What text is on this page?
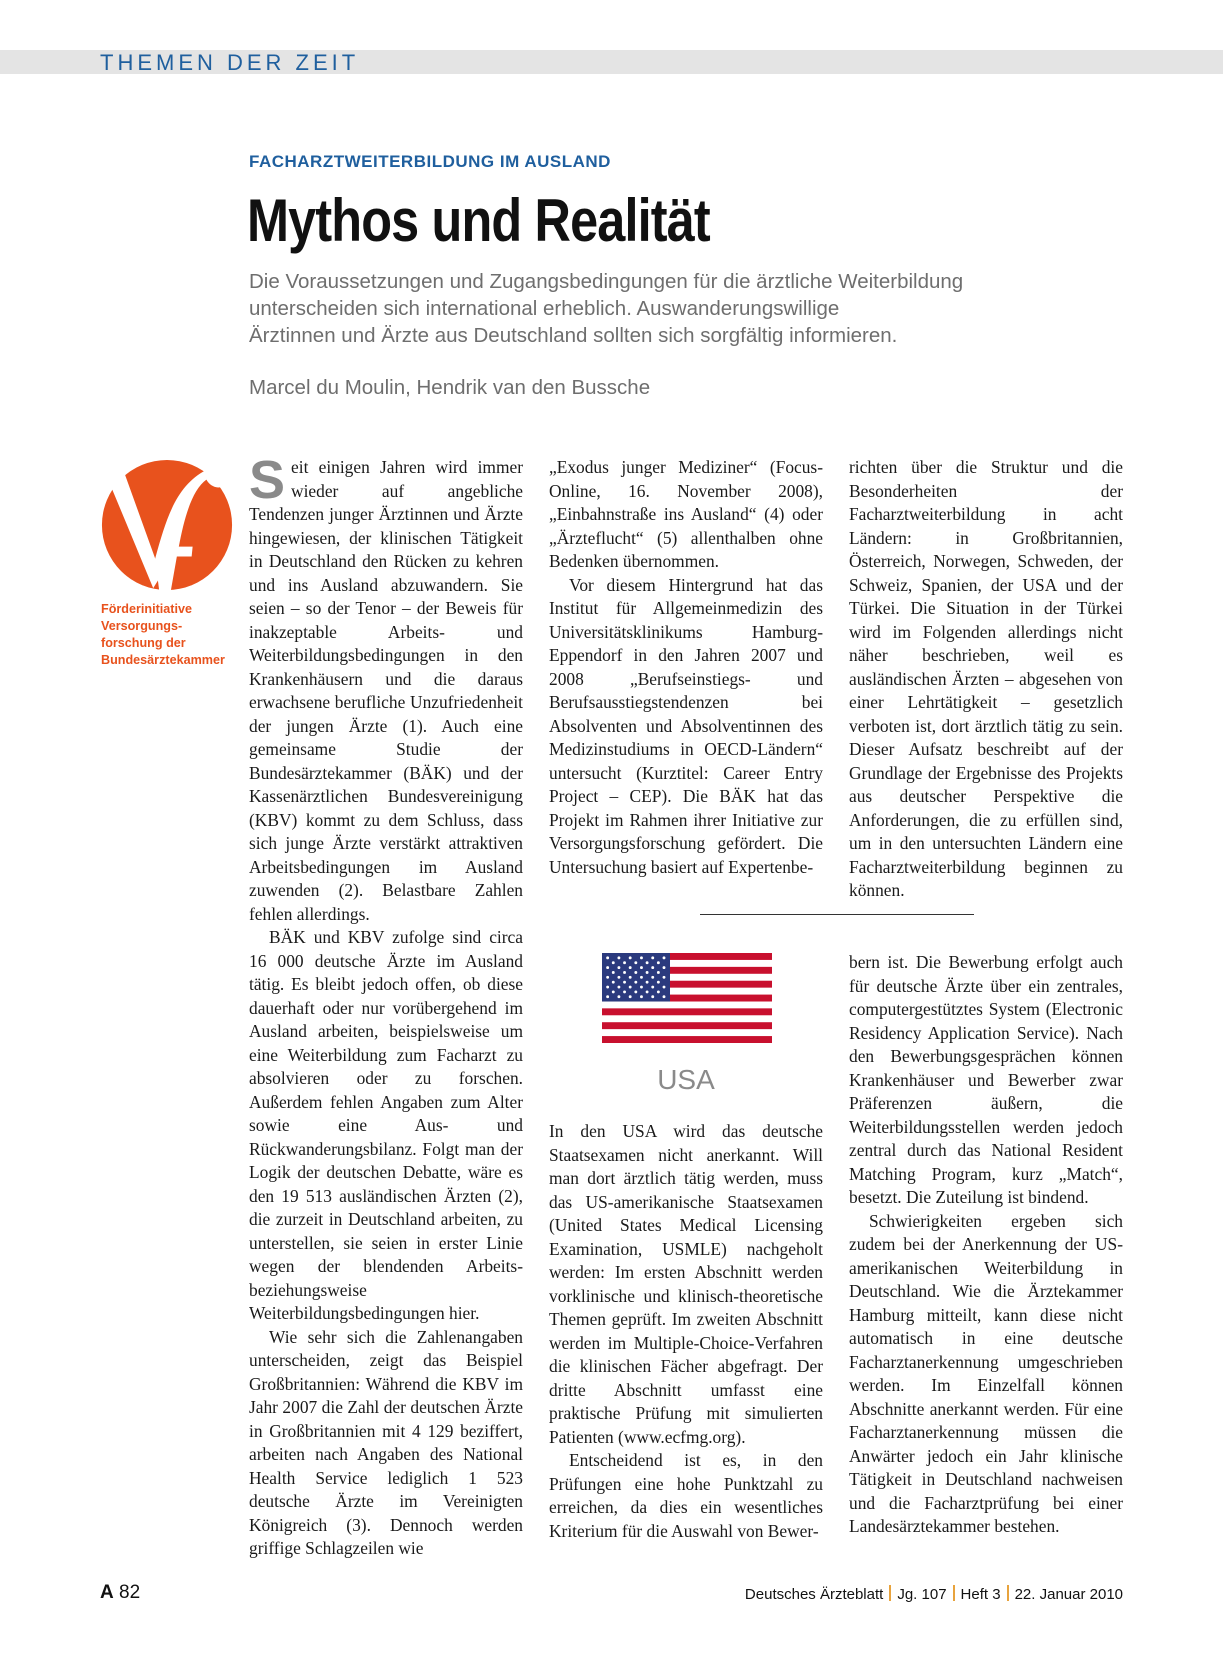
THEMEN DER ZEIT
FACHARZTWEITERBILDUNG IM AUSLAND
Mythos und Realität
Die Voraussetzungen und Zugangsbedingungen für die ärztliche Weiterbildung
unterscheiden sich international erheblich. Auswanderungswillige
Ärztinnen und Ärzte aus Deutschland sollten sich sorgfältig informieren.
Marcel du Moulin, Hendrik van den Bussche
Förderinitiative
Versorgungs-
forschung der
Bundesärztekammer

Seit einigen Jahren wird immer wieder auf angebliche Tendenzen junger Ärztinnen und Ärzte hingewiesen, der klinischen Tätigkeit in Deutschland den Rücken zu kehren und ins Ausland abzuwandern. Sie seien – so der Tenor – der Beweis für inakzeptable Arbeits- und Weiterbildungsbedingungen in den Krankenhäusern und die daraus erwachsene berufliche Unzufriedenheit der jungen Ärzte (1). Auch eine gemeinsame Studie der Bundesärztekammer (BÄK) und der Kassenärztlichen Bundesvereinigung (KBV) kommt zu dem Schluss, dass sich junge Ärzte verstärkt attraktiven Arbeitsbedingungen im Ausland zuwenden (2). Belastbare Zahlen fehlen allerdings.

BÄK und KBV zufolge sind circa 16 000 deutsche Ärzte im Ausland tätig. Es bleibt jedoch offen, ob diese dauerhaft oder nur vorübergehend im Ausland arbeiten, beispielsweise um eine Weiterbildung zum Facharzt zu absolvieren oder zu forschen. Außerdem fehlen Angaben zum Alter sowie eine Aus- und Rückwanderungsbilanz. Folgt man der Logik der deutschen Debatte, wäre es den 19 513 ausländischen Ärzten (2), die zurzeit in Deutschland arbeiten, zu unterstellen, sie seien in erster Linie wegen der blendenden Arbeits- beziehungsweise Weiterbildungsbedingungen hier.

Wie sehr sich die Zahlenangaben unterscheiden, zeigt das Beispiel Großbritannien: Während die KBV im Jahr 2007 die Zahl der deutschen Ärzte in Großbritannien mit 4 129 beziffert, arbeiten nach Angaben des National Health Service lediglich 1 523 deutsche Ärzte im Vereinigten Königreich (3). Dennoch werden griffige Schlagzeilen wie

„Exodus junger Mediziner“ (Focus-Online, 16. November 2008), „Einbahnstraße ins Ausland“ (4) oder „Ärzteflucht“ (5) allenthalben ohne Bedenken übernommen.

Vor diesem Hintergrund hat das Institut für Allgemeinmedizin des Universitätsklinikums Hamburg-Eppendorf in den Jahren 2007 und 2008 „Berufseinstiegs- und Berufsausstiegstendenzen bei Absolventen und Absolventinnen des Medizinstudiums in OECD-Ländern“ untersucht (Kurztitel: Career Entry Project – CEP). Die BÄK hat das Projekt im Rahmen ihrer Initiative zur Versorgungsforschung gefördert. Die Untersuchung basiert auf Expertenbe-

richten über die Struktur und die Besonderheiten der Facharztweiterbildung in acht Ländern: in Großbritannien, Österreich, Norwegen, Schweden, der Schweiz, Spanien, der USA und der Türkei. Die Situation in der Türkei wird im Folgenden allerdings nicht näher beschrieben, weil es ausländischen Ärzten – abgesehen von einer Lehrtätigkeit – gesetzlich verboten ist, dort ärztlich tätig zu sein. Dieser Aufsatz beschreibt auf der Grundlage der Ergebnisse des Projekts aus deutscher Perspektive die Anforderungen, die zu erfüllen sind, um in den untersuchten Ländern eine Facharztweiterbildung beginnen zu können.

USA

In den USA wird das deutsche Staatsexamen nicht anerkannt. Will man dort ärztlich tätig werden, muss das US-amerikanische Staatsexamen (United States Medical Licensing Examination, USMLE) nachgeholt werden: Im ersten Abschnitt werden vorklinische und klinisch-theoretische Themen geprüft. Im zweiten Abschnitt werden im Multiple-Choice-Verfahren die klinischen Fächer abgefragt. Der dritte Abschnitt umfasst eine praktische Prüfung mit simulierten Patienten (www.ecfmg.org).

Entscheidend ist es, in den Prüfungen eine hohe Punktzahl zu erreichen, da dies ein wesentliches Kriterium für die Auswahl von Bewer-

bern ist. Die Bewerbung erfolgt auch für deutsche Ärzte über ein zentrales, computergestütztes System (Electronic Residency Application Service). Nach den Bewerbungsgesprächen können Krankenhäuser und Bewerber zwar Präferenzen äußern, die Weiterbildungsstellen werden jedoch zentral durch das National Resident Matching Program, kurz „Match“, besetzt. Die Zuteilung ist bindend.

Schwierigkeiten ergeben sich zudem bei der Anerkennung der US-amerikanischen Weiterbildung in Deutschland. Wie die Ärztekammer Hamburg mitteilt, kann diese nicht automatisch in eine deutsche Facharztanerkennung umgeschrieben werden. Im Einzelfall können Abschnitte anerkannt werden. Für eine Facharztanerkennung müssen die Anwärter jedoch ein Jahr klinische Tätigkeit in Deutschland nachweisen und die Facharztprüfung bei einer Landesärztekammer bestehen.

A 82	Deutsches Ärzteblatt Jg. 107 Heft 3 22. Januar 2010
